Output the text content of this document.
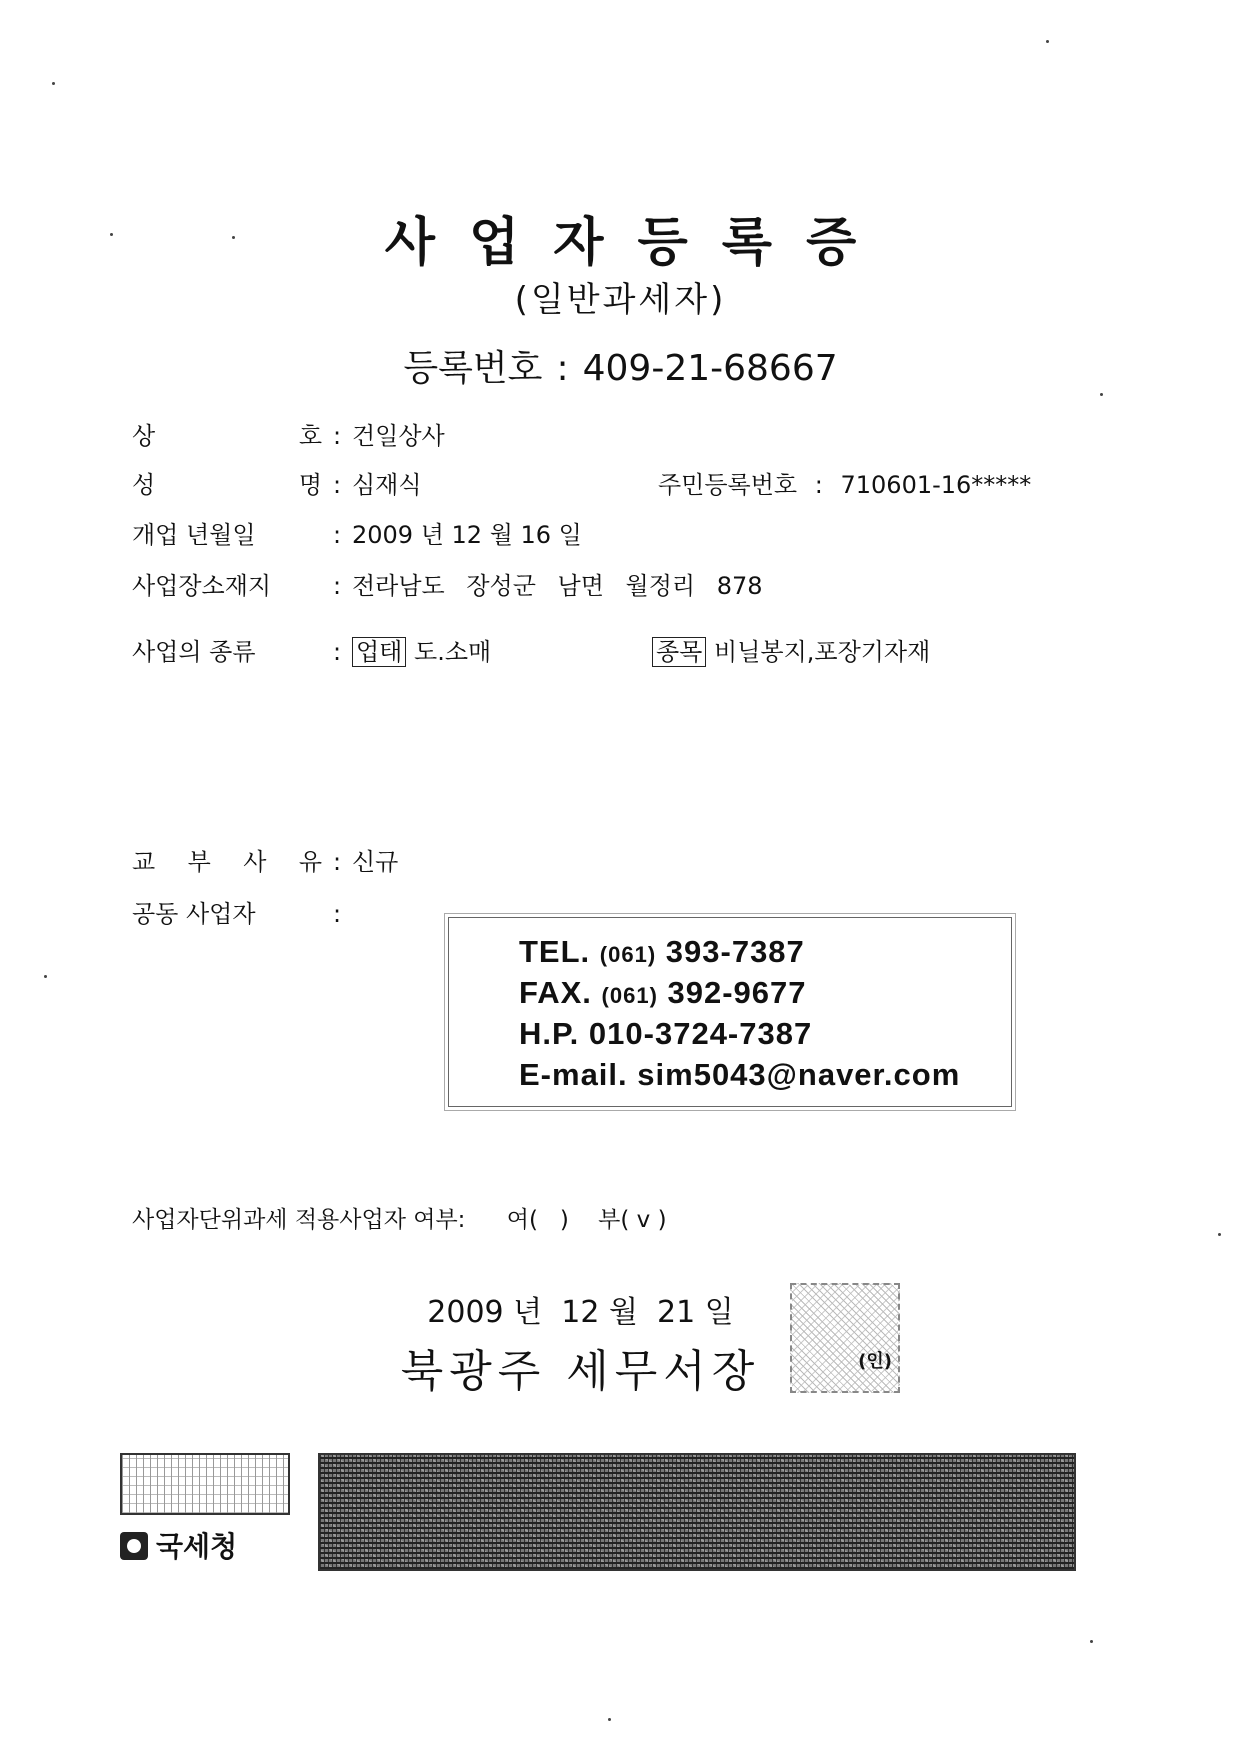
사업자등록증
(일반과세자)
등록번호 : 409-21-68667
상 호 : 건일상사
성 명 : 심재식	주민등록번호 : 710601-16*****
개업 년월일	: 2009 년 12 월 16 일
사업장소재지	: 전라남도 장성군 남면 월정리 878
사업의 종류	: 업태 도.소매	종목 비닐봉지,포장기자재
교 부 사 유 : 신규
공동 사업자	:
TEL. (061) 393-7387
FAX. (061) 392-9677
H.P. 010-3724-7387
E-mail. sim5043@naver.com
사업자단위과세 적용사업자 여부: 여(   ) 부( v )
2009 년  12 월  21 일
북광주 세무서장	(인)
국세청
